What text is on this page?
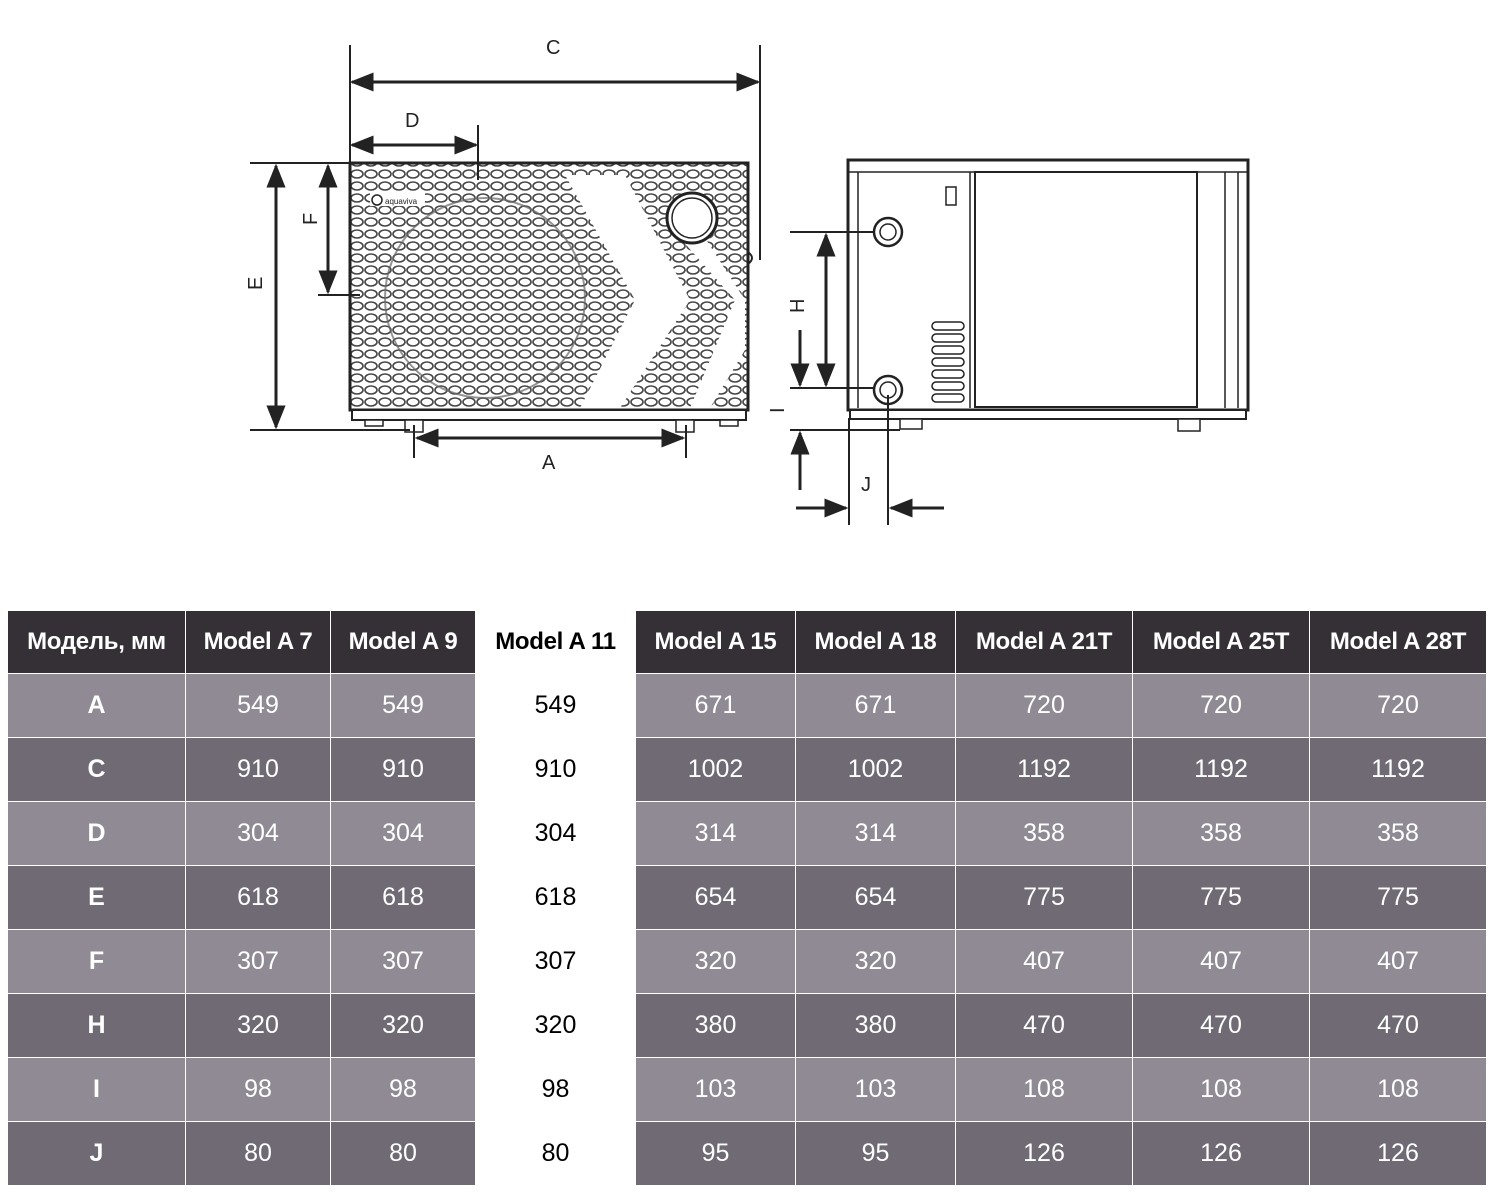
aquaviva
C
D
E
F
A
H
I
J
Модель, мм	Model A 7	Model A 9	Model A 11	Model A 15	Model A 18	Model A 21T	Model A 25T	Model A 28T
A	549	549	549	671	671	720	720	720
C	910	910	910	1002	1002	1192	1192	1192
D	304	304	304	314	314	358	358	358
E	618	618	618	654	654	775	775	775
F	307	307	307	320	320	407	407	407
H	320	320	320	380	380	470	470	470
I	98	98	98	103	103	108	108	108
J	80	80	80	95	95	126	126	126
